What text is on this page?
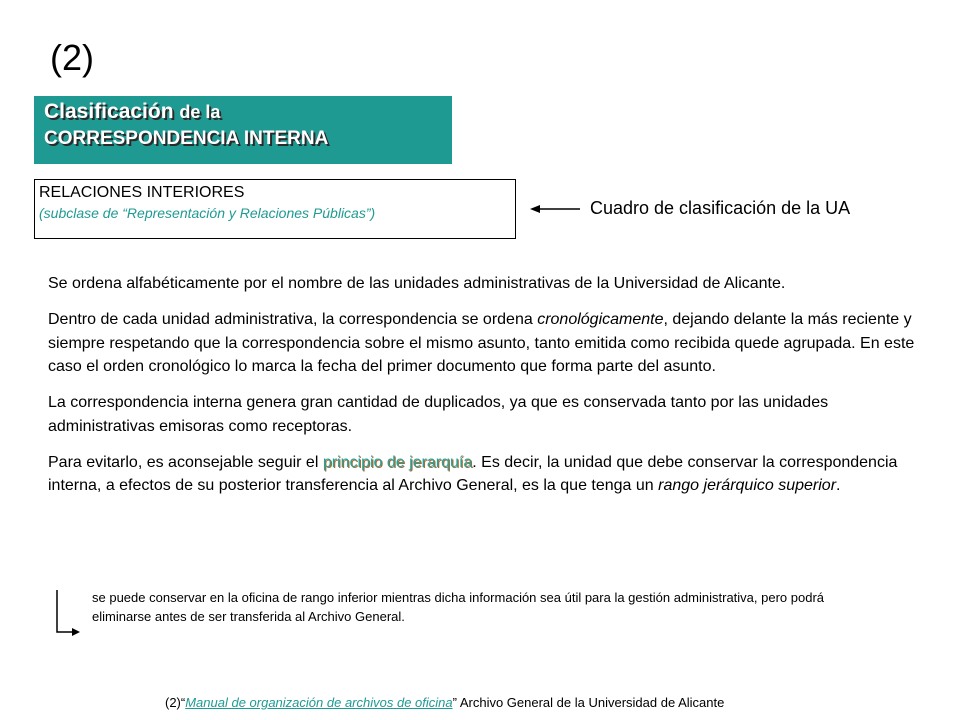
(2)
Clasificación de la
CORRESPONDENCIA INTERNA
RELACIONES INTERIORES
(subclase de “Representación y Relaciones Públicas”)	Cuadro de clasificación de la UA

Se ordena alfabéticamente por el nombre de las unidades administrativas de la Universidad de Alicante.

Dentro de cada unidad administrativa, la correspondencia se ordena cronológicamente, dejando delante la más reciente y siempre respetando que la correspondencia sobre el mismo asunto, tanto emitida como recibida quede agrupada. En este caso el orden cronológico lo marca la fecha del primer documento que forma parte del asunto.

La correspondencia interna genera gran cantidad de duplicados, ya que es conservada tanto por las unidades administrativas emisoras como receptoras.

Para evitarlo, es aconsejable seguir el principio de jerarquía. Es decir, la unidad que debe conservar la correspondencia interna, a efectos de su posterior transferencia al Archivo General, es la que tenga un rango jerárquico superior.

se puede conservar en la oficina de rango inferior mientras dicha información sea útil para la gestión administrativa, pero podrá eliminarse antes de ser transferida al Archivo General.
(2)“Manual de organización de archivos de oficina” Archivo General de la Universidad de Alicante
